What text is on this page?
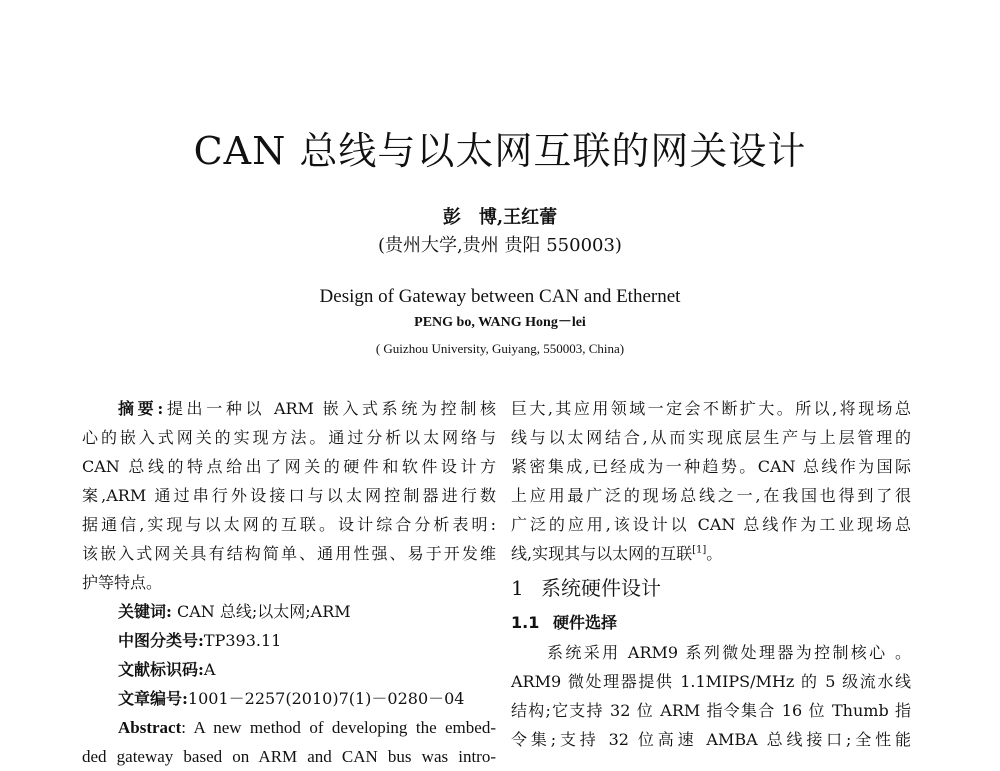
CAN 总线与以太网互联的网关设计
彭　博,王红蕾
(贵州大学,贵州 贵阳 550003)
Design of Gateway between CAN and Ethernet
PENG bo, WANG Hong－lei
( Guizhou University, Guiyang, 550003, China)
摘要:提出一种以 ARM 嵌入式系统为控制核
心的嵌入式网关的实现方法。通过分析以太网络与
CAN 总线的特点给出了网关的硬件和软件设计方
案,ARM 通过串行外设接口与以太网控制器进行数
据通信,实现与以太网的互联。设计综合分析表明:
该嵌入式网关具有结构简单、通用性强、易于开发维
护等特点。
关键词: CAN 总线;以太网;ARM
中图分类号:TP393.11
文献标识码:A
文章编号:1001－2257(2010)7(1)－0280－04
Abstract: A new method of developing the embed-
ded gateway based on ARM and CAN bus was intro-
巨大,其应用领域一定会不断扩大。所以,将现场总
线与以太网结合,从而实现底层生产与上层管理的
紧密集成,已经成为一种趋势。CAN 总线作为国际
上应用最广泛的现场总线之一,在我国也得到了很
广泛的应用,该设计以 CAN 总线作为工业现场总
线,实现其与以太网的互联[1]。
1 系统硬件设计
1.1 硬件选择
系统采用 ARM9 系列微处理器为控制核心 。
ARM9 微处理器提供 1.1MIPS/MHz 的 5 级流水线
结构;它支持 32 位 ARM 指令集合 16 位 Thumb 指
令集;支持 32 位高速 AMBA 总线接口;全性能
